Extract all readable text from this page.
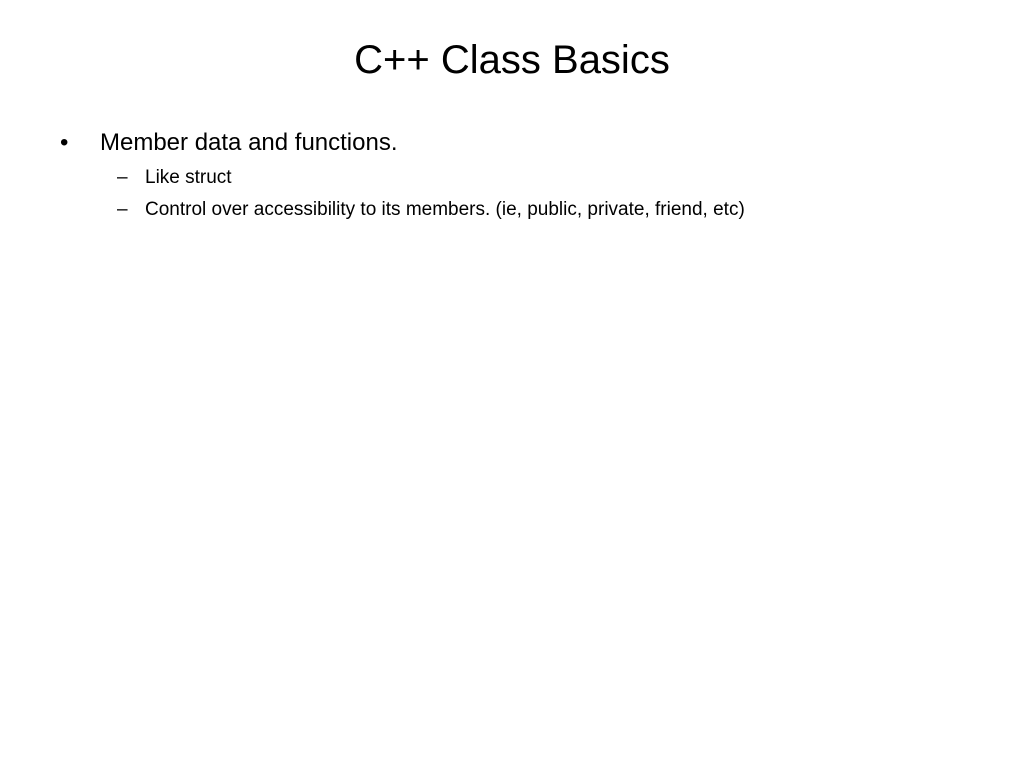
C++ Class Basics
•	Member data and functions.
– Like struct
– Control over accessibility to its members. (ie, public, private, friend, etc)
